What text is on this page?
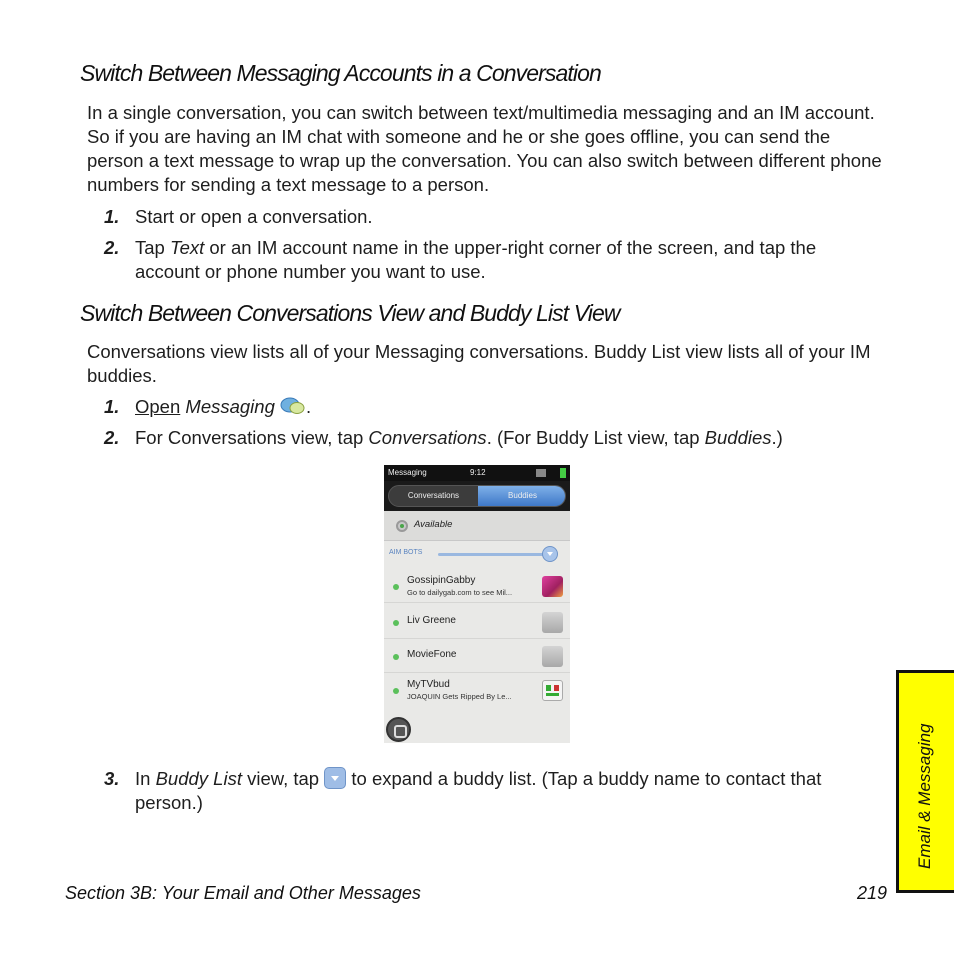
Switch Between Messaging Accounts in a Conversation
In a single conversation, you can switch between text/multimedia messaging and an IM account. So if you are having an IM chat with someone and he or she goes offline, you can send the person a text message to wrap up the conversation. You can also switch between different phone numbers for sending a text message to a person.
1. Start or open a conversation.
2. Tap Text or an IM account name in the upper-right corner of the screen, and tap the account or phone number you want to use.
Switch Between Conversations View and Buddy List View
Conversations view lists all of your Messaging conversations. Buddy List view lists all of your IM buddies.
1. Open Messaging .
2. For Conversations view, tap Conversations. (For Buddy List view, tap Buddies.)
Messaging	9:12
Conversations	Buddies
Available
AIM BOTS
GossipinGabby
Go to dailygab.com to see Mil...
Liv Greene
MovieFone
MyTVbud
JOAQUIN Gets Ripped By Le...
3. In Buddy List view, tap  to expand a buddy list. (Tap a buddy name to contact that person.)
Section 3B: Your Email and Other Messages	219
Email & Messaging
